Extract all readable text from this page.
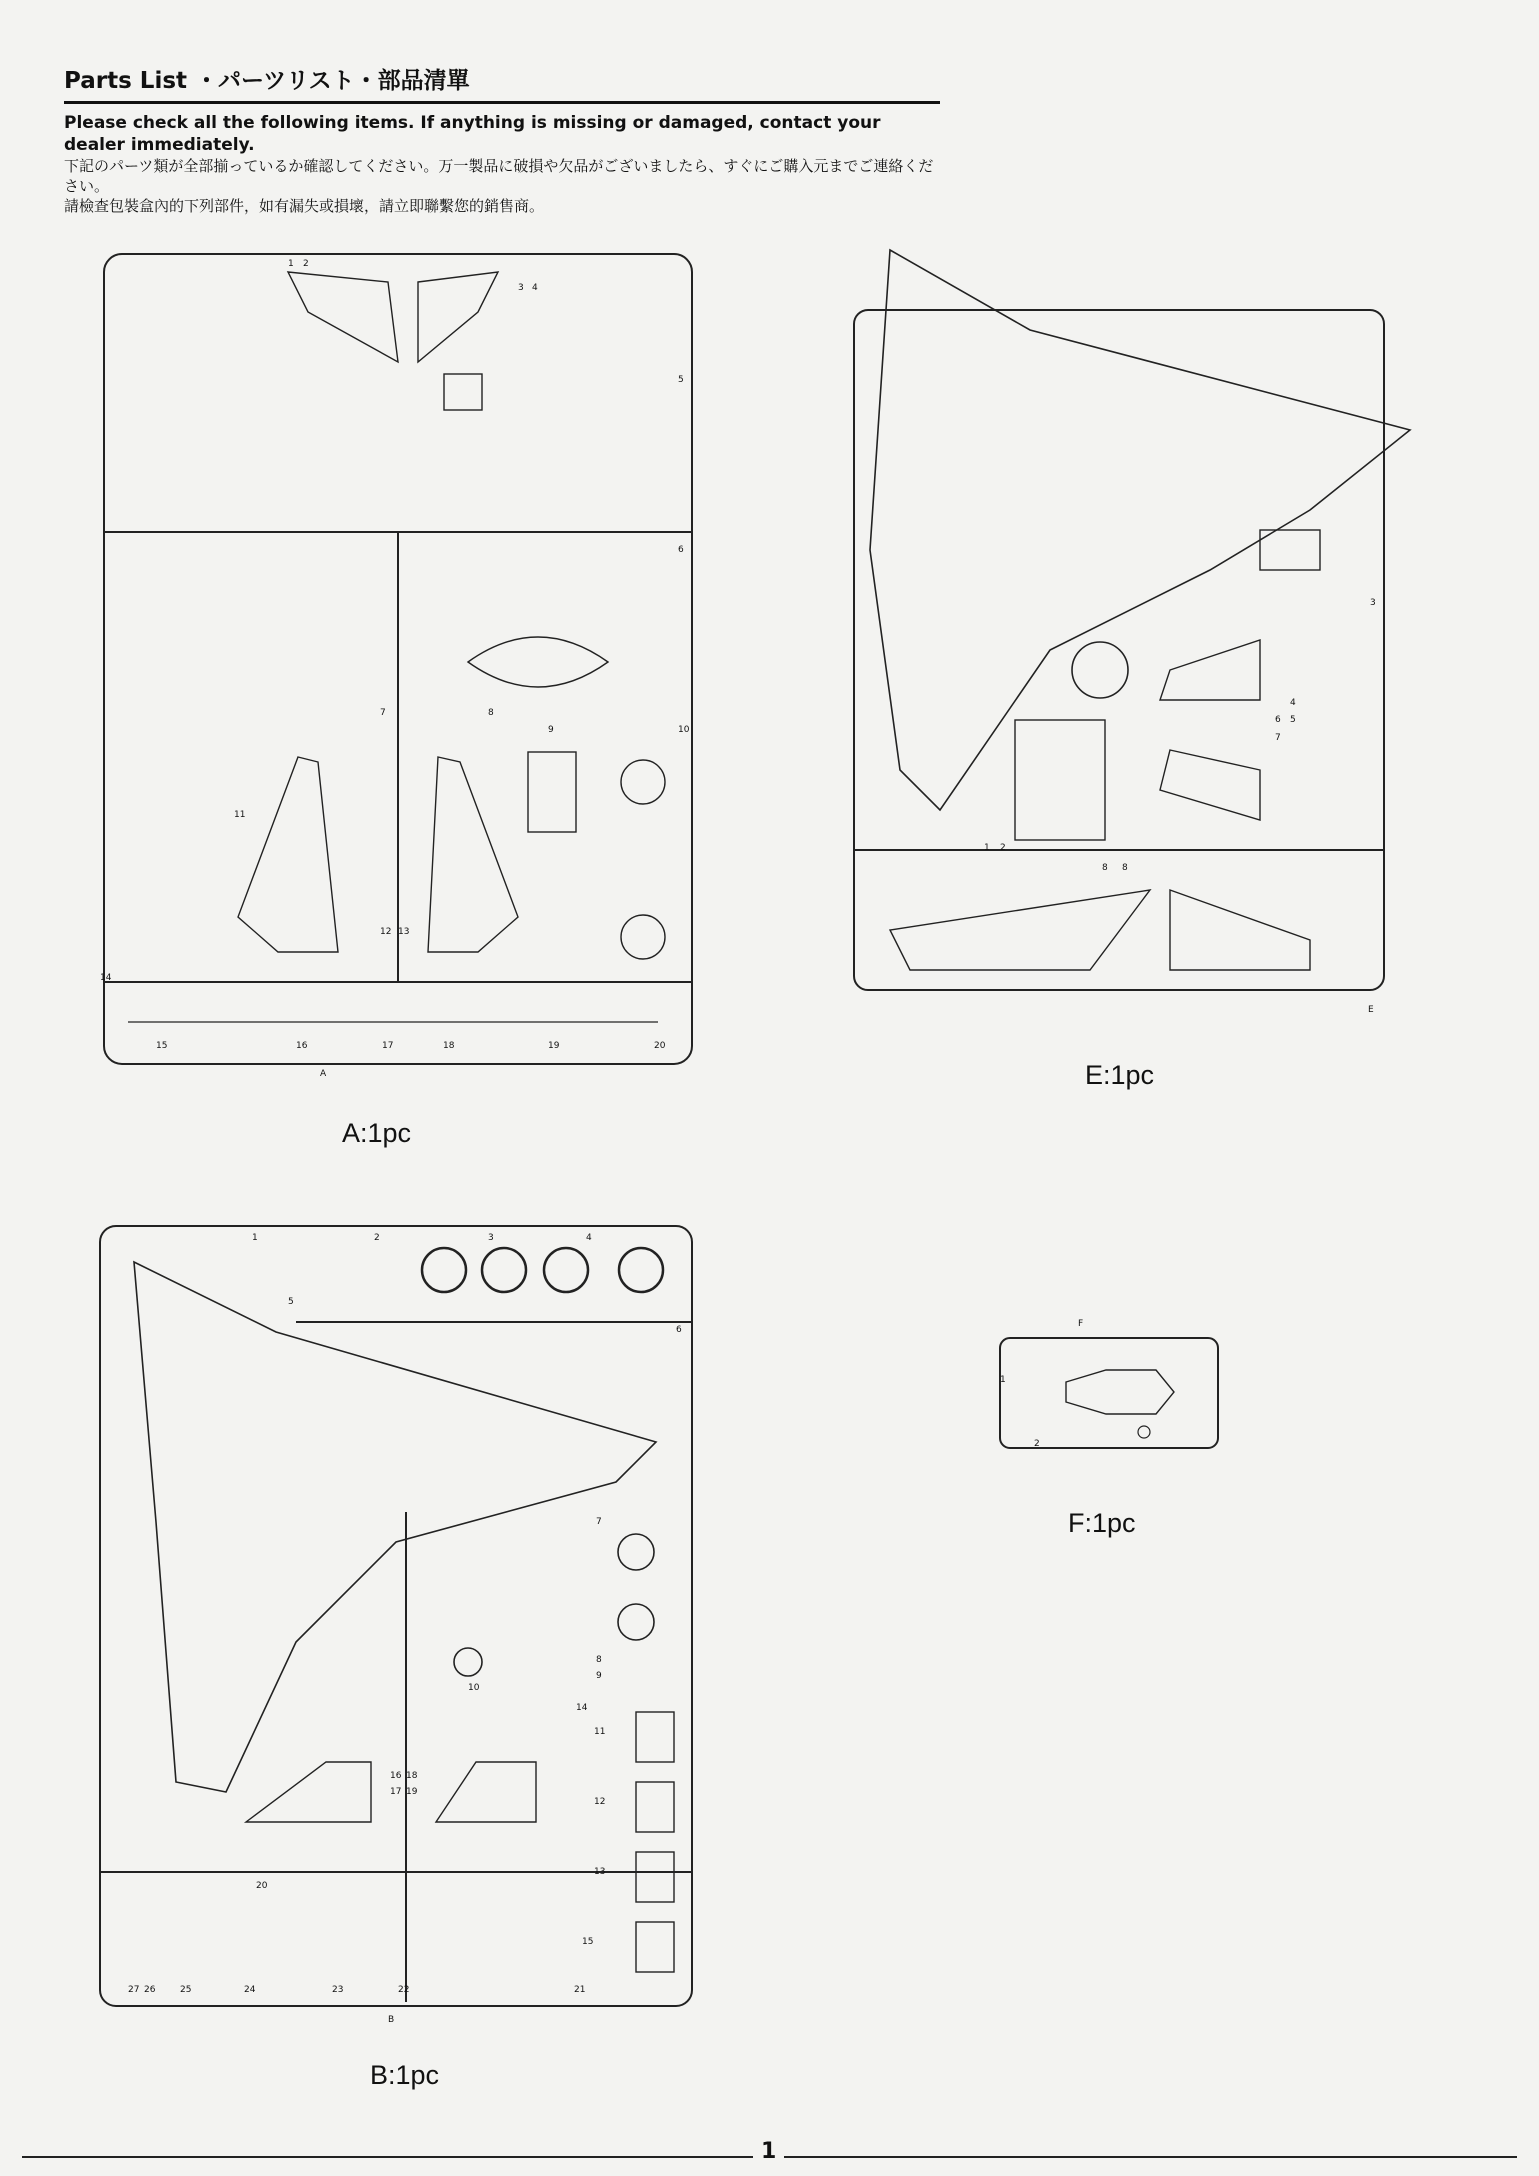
Parts List ・パーツリスト・部品清單
Please check all the following items. If anything is missing or damaged, contact your dealer immediately.
下記のパーツ類が全部揃っているか確認してください。万一製品に破損や欠品がございましたら、すぐにご購入元までご連絡ください。
請檢查包裝盒內的下列部件，如有漏失或損壞，請立即聯繫您的銷售商。
1 2
3 4
5
6
7	8
9	10
11
12 13
14
15	16	17	18	19	20
A
A:1pc
1 2
3
4
5
6
7
8 8
E
E:1pc
1	2	3	4
5
6
7
8
9
10
11
12
13
14
15
16
17
18
19
20
21
22
23
24
25
26
27
B
B:1pc
F
1
2
F:1pc
1
